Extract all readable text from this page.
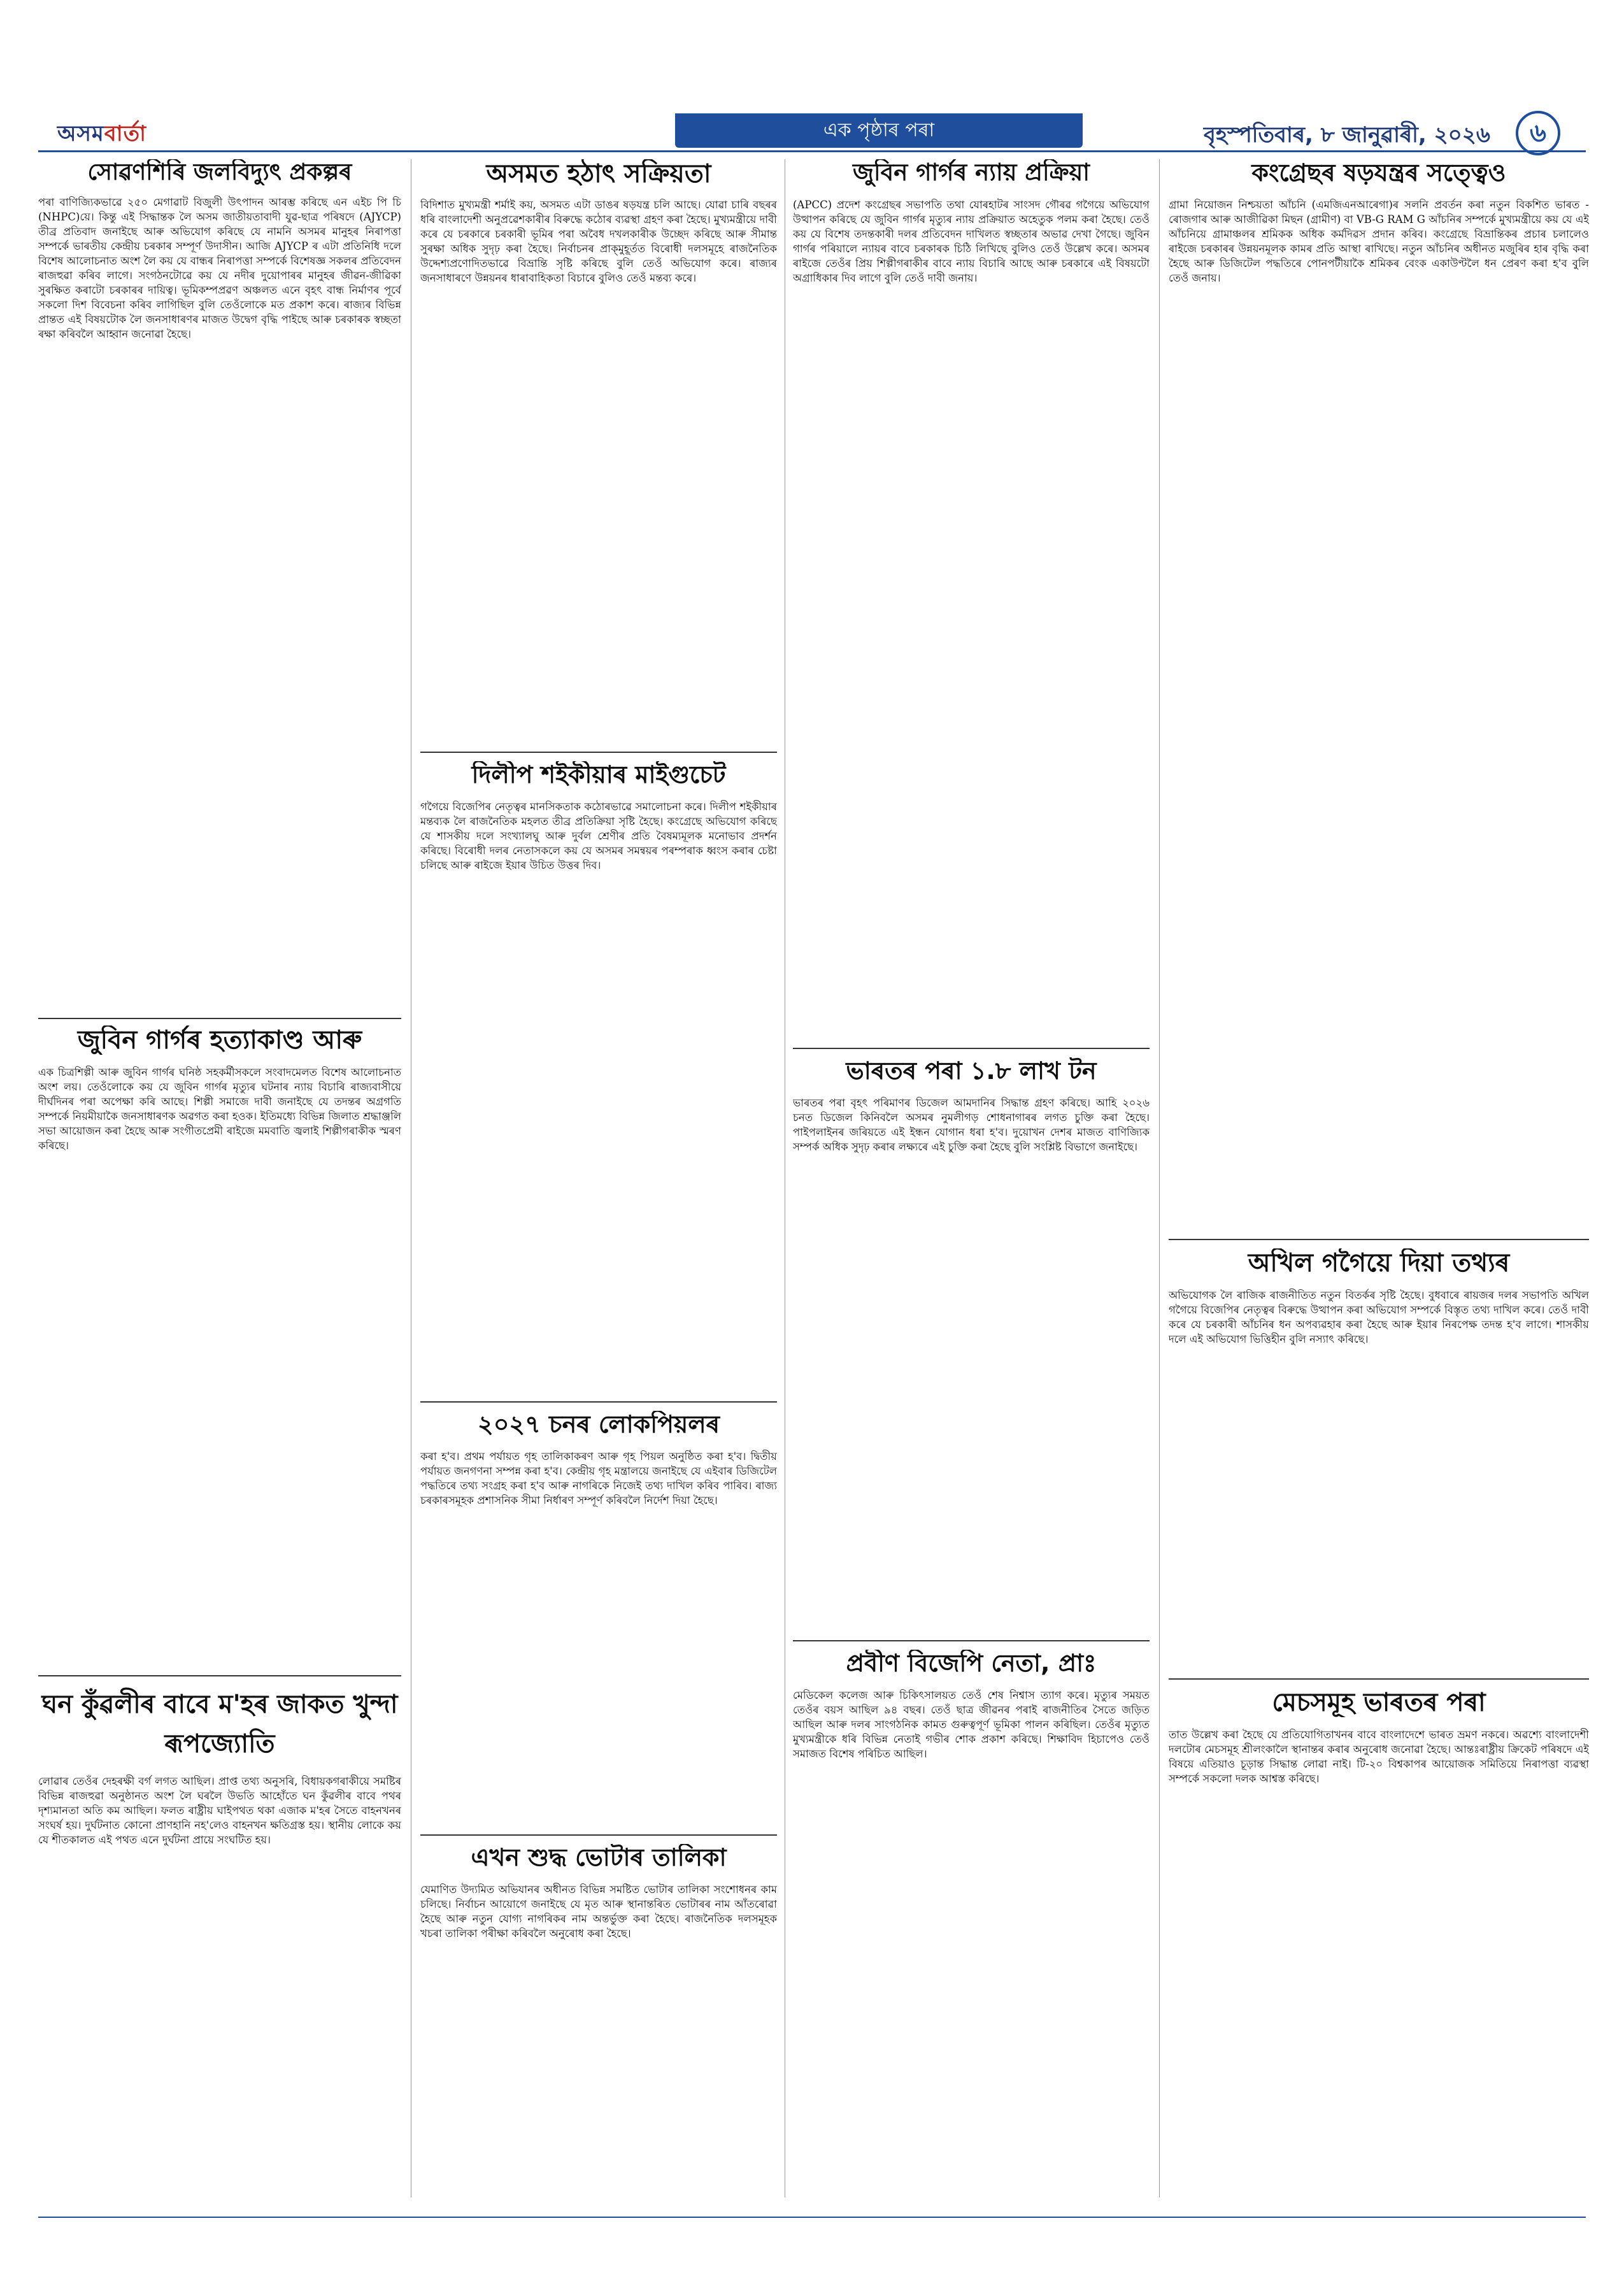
অসমবার্তা	এক পৃষ্ঠাৰ পৰা	বৃহস্পতিবাৰ, ৮ জানুৱাৰী, ২০২৬	৬
সোৱণশিৰি জলবিদ্যুৎ প্ৰকল্পৰ

পৰা বাণিজ্যিকভাৱে ২৫০ মেগাৱাট বিজুলী উৎপাদন আৰম্ভ কৰিছে এন এইচ পি চি (NHPC)য়ে। কিন্তু এই সিদ্ধান্তক লৈ অসম জাতীয়তাবাদী যুৱ-ছাত্ৰ পৰিষদে (AJYCP) তীব্ৰ প্ৰতিবাদ জনাইছে আৰু অভিযোগ কৰিছে যে নামনি অসমৰ মানুহৰ নিৰাপত্তা সম্পৰ্কে ভাৰতীয় কেন্দ্ৰীয় চৰকাৰ সম্পূৰ্ণ উদাসীন। আজি AJYCP ৰ এটা প্ৰতিনিধি দলে বিশেষ আলোচনাত অংশ লৈ কয় যে বান্ধৰ নিৰাপত্তা সম্পৰ্কে বিশেষজ্ঞ সকলৰ প্ৰতিবেদন ৰাজহুৱা কৰিব লাগে। সংগঠনটোৱে কয় যে নদীৰ দুয়োপাৰৰ মানুহৰ জীৱন-জীৱিকা সুৰক্ষিত কৰাটো চৰকাৰৰ দায়িত্ব। ভূমিকম্পপ্ৰৱণ অঞ্চলত এনে বৃহৎ বান্ধ নিৰ্মাণৰ পূৰ্বে সকলো দিশ বিবেচনা কৰিব লাগিছিল বুলি তেওঁলোকে মত প্ৰকাশ কৰে। ৰাজ্যৰ বিভিন্ন প্ৰান্তত এই বিষয়টোক লৈ জনসাধাৰণৰ মাজত উদ্বেগ বৃদ্ধি পাইছে আৰু চৰকাৰক স্বচ্ছতা ৰক্ষা কৰিবলৈ আহ্বান জনোৱা হৈছে।

জুবিন গাৰ্গৰ হত্যাকাণ্ড আৰু

এক চিত্ৰশিল্পী আৰু জুবিন গাৰ্গৰ ঘনিষ্ঠ সহকৰ্মীসকলে সংবাদমেলত বিশেষ আলোচনাত অংশ লয়। তেওঁলোকে কয় যে জুবিন গাৰ্গৰ মৃত্যুৰ ঘটনাৰ ন্যায় বিচাৰি ৰাজ্যবাসীয়ে দীৰ্ঘদিনৰ পৰা অপেক্ষা কৰি আছে। শিল্পী সমাজে দাবী জনাইছে যে তদন্তৰ অগ্ৰগতি সম্পৰ্কে নিয়মীয়াকৈ জনসাধাৰণক অৱগত কৰা হওক। ইতিমধ্যে বিভিন্ন জিলাত শ্ৰদ্ধাঞ্জলি সভা আয়োজন কৰা হৈছে আৰু সংগীতপ্ৰেমী ৰাইজে মমবাতি জ্বলাই শিল্পীগৰাকীক স্মৰণ কৰিছে।

ঘন কুঁৱলীৰ বাবে ম'হৰ জাকত খুন্দা ৰূপজ্যোতি

লোৱাৰ তেওঁৰ দেহৰক্ষী বৰ্গ লগত আছিল। প্ৰাপ্ত তথ্য অনুসৰি, বিধায়কগৰাকীয়ে সমষ্টিৰ বিভিন্ন ৰাজহুৱা অনুষ্ঠানত অংশ লৈ ঘৰলৈ উভতি আহোঁতে ঘন কুঁৱলীৰ বাবে পথৰ দৃশ্যমানতা অতি কম আছিল। ফলত ৰাষ্ট্ৰীয় ঘাইপথত থকা এজাক ম'হৰ সৈতে বাহনখনৰ সংঘৰ্ষ হয়। দুৰ্ঘটনাত কোনো প্ৰাণহানি নহ'লেও বাহনখন ক্ষতিগ্ৰস্ত হয়। স্থানীয় লোকে কয় যে শীতকালত এই পথত এনে দুৰ্ঘটনা প্ৰায়ে সংঘটিত হয়।

অসমত হঠাৎ সক্ৰিয়তা

বিদিশাত মুখ্যমন্ত্ৰী শৰ্মাই কয়, অসমত এটা ডাঙৰ ষড়যন্ত্ৰ চলি আছে। যোৱা চাৰি বছৰৰ ধৰি বাংলাদেশী অনুপ্ৰৱেশকাৰীৰ বিৰুদ্ধে কঠোৰ ব্যৱস্থা গ্ৰহণ কৰা হৈছে। মুখ্যমন্ত্ৰীয়ে দাবী কৰে যে চৰকাৰে চৰকাৰী ভূমিৰ পৰা অবৈধ দখলকাৰীক উচ্ছেদ কৰিছে আৰু সীমান্ত সুৰক্ষা অধিক সুদৃঢ় কৰা হৈছে। নিৰ্বাচনৰ প্ৰাক্‌মুহূৰ্তত বিৰোধী দলসমূহে ৰাজনৈতিক উদ্দেশ্যপ্ৰণোদিতভাৱে বিভ্ৰান্তি সৃষ্টি কৰিছে বুলি তেওঁ অভিযোগ কৰে। ৰাজ্যৰ জনসাধাৰণে উন্নয়নৰ ধাৰাবাহিকতা বিচাৰে বুলিও তেওঁ মন্তব্য কৰে।

দিলীপ শইকীয়াৰ মাইগুচেট

গগৈয়ে বিজেপিৰ নেতৃত্বৰ মানসিকতাক কঠোৰভাৱে সমালোচনা কৰে। দিলীপ শইকীয়াৰ মন্তব্যক লৈ ৰাজনৈতিক মহলত তীব্ৰ প্ৰতিক্ৰিয়া সৃষ্টি হৈছে। কংগ্ৰেছে অভিযোগ কৰিছে যে শাসকীয় দলে সংখ্যালঘু আৰু দুৰ্বল শ্ৰেণীৰ প্ৰতি বৈষম্যমূলক মনোভাব প্ৰদৰ্শন কৰিছে। বিৰোধী দলৰ নেতাসকলে কয় যে অসমৰ সমন্বয়ৰ পৰম্পৰাক ধ্বংস কৰাৰ চেষ্টা চলিছে আৰু ৰাইজে ইয়াৰ উচিত উত্তৰ দিব।

২০২৭ চনৰ লোকপিয়লৰ

কৰা হ'ব। প্ৰথম পৰ্যায়ত গৃহ তালিকাকৰণ আৰু গৃহ পিয়ল অনুষ্ঠিত কৰা হ'ব। দ্বিতীয় পৰ্যায়ত জনগণনা সম্পন্ন কৰা হ'ব। কেন্দ্ৰীয় গৃহ মন্ত্ৰালয়ে জনাইছে যে এইবাৰ ডিজিটেল পদ্ধতিৰে তথ্য সংগ্ৰহ কৰা হ'ব আৰু নাগৰিকে নিজেই তথ্য দাখিল কৰিব পাৰিব। ৰাজ্য চৰকাৰসমূহক প্ৰশাসনিক সীমা নিৰ্ধাৰণ সম্পূৰ্ণ কৰিবলৈ নিৰ্দেশ দিয়া হৈছে।

এখন শুদ্ধ ভোটাৰ তালিকা

যেমাণিত উদ্যমিত অভিযানৰ অধীনত বিভিন্ন সমষ্টিত ভোটাৰ তালিকা সংশোধনৰ কাম চলিছে। নিৰ্বাচন আয়োগে জনাইছে যে মৃত আৰু স্থানান্তৰিত ভোটাৰৰ নাম আঁতৰোৱা হৈছে আৰু নতুন যোগ্য নাগৰিকৰ নাম অন্তৰ্ভুক্ত কৰা হৈছে। ৰাজনৈতিক দলসমূহক খচৰা তালিকা পৰীক্ষা কৰিবলৈ অনুৰোধ কৰা হৈছে।

জুবিন গাৰ্গৰ ন্যায় প্ৰক্ৰিয়া

(APCC) প্ৰদেশ কংগ্ৰেছৰ সভাপতি তথা যোৰহাটৰ সাংসদ গৌৰৱ গগৈয়ে অভিযোগ উত্থাপন কৰিছে যে জুবিন গাৰ্গৰ মৃত্যুৰ ন্যায় প্ৰক্ৰিয়াত অহেতুক পলম কৰা হৈছে। তেওঁ কয় যে বিশেষ তদন্তকাৰী দলৰ প্ৰতিবেদন দাখিলত স্বচ্ছতাৰ অভাৱ দেখা গৈছে। জুবিন গাৰ্গৰ পৰিয়ালে ন্যায়ৰ বাবে চৰকাৰক চিঠি লিখিছে বুলিও তেওঁ উল্লেখ কৰে। অসমৰ ৰাইজে তেওঁৰ প্ৰিয় শিল্পীগৰাকীৰ বাবে ন্যায় বিচাৰি আছে আৰু চৰকাৰে এই বিষয়টো অগ্ৰাধিকাৰ দিব লাগে বুলি তেওঁ দাবী জনায়।

ভাৰতৰ পৰা ১.৮ লাখ টন

ভাৰতৰ পৰা বৃহৎ পৰিমাণৰ ডিজেল আমদানিৰ সিদ্ধান্ত গ্ৰহণ কৰিছে। আহি ২০২৬ চনত ডিজেল কিনিবলৈ অসমৰ নুমলীগড় শোধনাগাৰৰ লগত চুক্তি কৰা হৈছে। পাইপলাইনৰ জৰিয়তে এই ইন্ধন যোগান ধৰা হ'ব। দুয়োখন দেশৰ মাজত বাণিজ্যিক সম্পৰ্ক অধিক সুদৃঢ় কৰাৰ লক্ষ্যৰে এই চুক্তি কৰা হৈছে বুলি সংশ্লিষ্ট বিভাগে জনাইছে।

প্ৰবীণ বিজেপি নেতা, প্ৰাঃ

মেডিকেল কলেজ আৰু চিকিৎসালয়ত তেওঁ শেষ নিশ্বাস ত্যাগ কৰে। মৃত্যুৰ সময়ত তেওঁৰ বয়স আছিল ৯৪ বছৰ। তেওঁ ছাত্ৰ জীৱনৰ পৰাই ৰাজনীতিৰ সৈতে জড়িত আছিল আৰু দলৰ সাংগঠনিক কামত গুৰুত্বপূৰ্ণ ভূমিকা পালন কৰিছিল। তেওঁৰ মৃত্যুত মুখ্যমন্ত্ৰীকে ধৰি বিভিন্ন নেতাই গভীৰ শোক প্ৰকাশ কৰিছে। শিক্ষাবিদ হিচাপেও তেওঁ সমাজত বিশেষ পৰিচিত আছিল।

কংগ্ৰেছৰ ষড়যন্ত্ৰৰ সত্ত্বেও

গ্ৰামা নিয়োজন নিশ্চয়তা আঁচনি (এমজিএনআৰেগা)ৰ সলনি প্ৰবৰ্তন কৰা নতুন বিকশিত ভাৰত - ৰোজগাৰ আৰু আজীৱিকা মিছন (গ্ৰামীণ) বা VB-G RAM G আঁচনিৰ সম্পৰ্কে মুখ্যমন্ত্ৰীয়ে কয় যে এই আঁচনিয়ে গ্ৰামাঞ্চলৰ শ্ৰমিকক অধিক কৰ্মদিৱস প্ৰদান কৰিব। কংগ্ৰেছে বিভ্ৰান্তিকৰ প্ৰচাৰ চলালেও ৰাইজে চৰকাৰৰ উন্নয়নমূলক কামৰ প্ৰতি আস্থা ৰাখিছে। নতুন আঁচনিৰ অধীনত মজুৰিৰ হাৰ বৃদ্ধি কৰা হৈছে আৰু ডিজিটেল পদ্ধতিৰে পোনপটীয়াকৈ শ্ৰমিকৰ বেংক একাউণ্টলৈ ধন প্ৰেৰণ কৰা হ'ব বুলি তেওঁ জনায়।

অখিল গগৈয়ে দিয়া তথ্যৰ

অভিযোগক লৈ ৰাজিক ৰাজনীতিত নতুন বিতৰ্কৰ সৃষ্টি হৈছে। বুধবাৰে ৰায়জৰ দলৰ সভাপতি অখিল গগৈয়ে বিজেপিৰ নেতৃত্বৰ বিৰুদ্ধে উত্থাপন কৰা অভিযোগ সম্পৰ্কে বিস্তৃত তথ্য দাখিল কৰে। তেওঁ দাবী কৰে যে চৰকাৰী আঁচনিৰ ধন অপব্যৱহাৰ কৰা হৈছে আৰু ইয়াৰ নিৰপেক্ষ তদন্ত হ'ব লাগে। শাসকীয় দলে এই অভিযোগ ভিত্তিহীন বুলি নস্যাৎ কৰিছে।

মেচসমূহ ভাৰতৰ পৰা

তাত উল্লেখ কৰা হৈছে যে প্ৰতিযোগিতাখনৰ বাবে বাংলাদেশে ভাৰত ভ্ৰমণ নকৰে। অৱশ্যে বাংলাদেশী দলটোৰ মেচসমূহ শ্ৰীলংকালৈ স্থানান্তৰ কৰাৰ অনুৰোধ জনোৱা হৈছে। আন্তঃৰাষ্ট্ৰীয় ক্ৰিকেট পৰিষদে এই বিষয়ে এতিয়াও চূড়ান্ত সিদ্ধান্ত লোৱা নাই। টি-২০ বিশ্বকাপৰ আয়োজক সমিতিয়ে নিৰাপত্তা ব্যৱস্থা সম্পৰ্কে সকলো দলক আশ্বস্ত কৰিছে।
